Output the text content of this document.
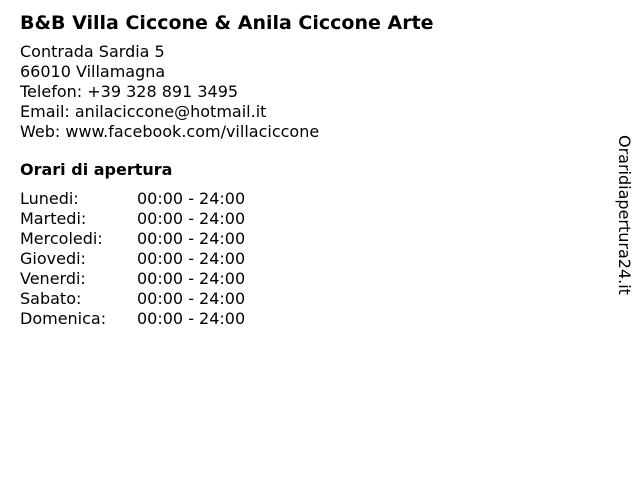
B&B Villa Ciccone & Anila Ciccone Arte
Contrada Sardia 5
66010 Villamagna
Telefon: +39 328 891 3495
Email: anilaciccone@hotmail.it
Web: www.facebook.com/villaciccone
Orari di apertura
Lunedi:	00:00 - 24:00
Martedi:	00:00 - 24:00
Mercoledi:	00:00 - 24:00
Giovedi:	00:00 - 24:00
Venerdi:	00:00 - 24:00
Sabato:	00:00 - 24:00
Domenica:	00:00 - 24:00
Oraridiapertura24.it
